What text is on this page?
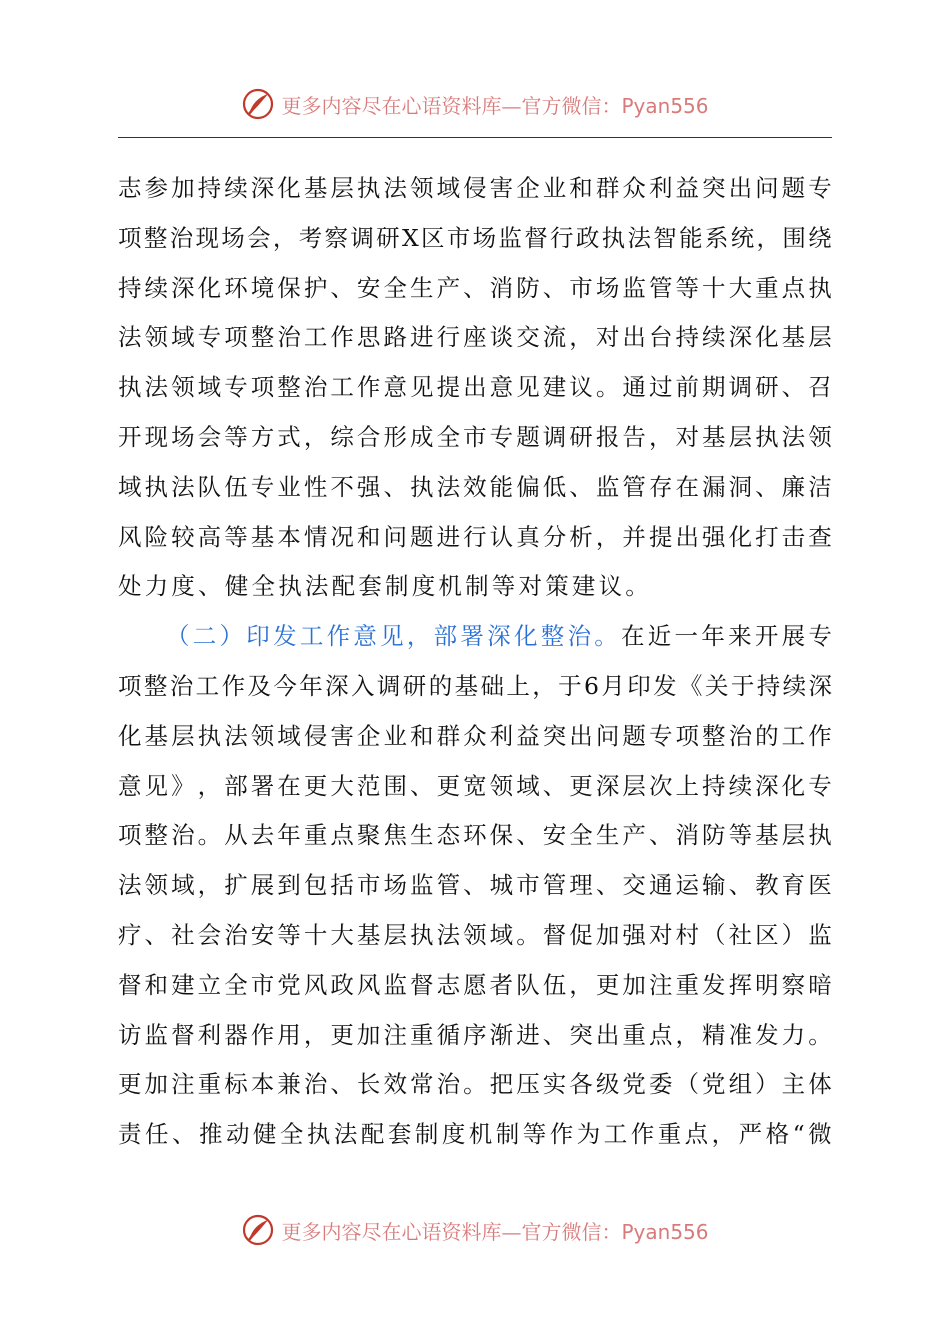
更多内容尽在心语资料库—官方微信：Pyan556
志 参 加 持 续 深 化 基 层 执 法 领 域 侵 害 企 业 和 群 众 利 益 突 出 问 题 专
项 整 治 现 场 会 ， 考 察 调 研 X 区 市 场 监 督 行 政 执 法 智 能 系 统 ， 围 绕
持 续 深 化 环 境 保 护 、 安 全 生 产 、 消 防 、 市 场 监 管 等 十 大 重 点 执
法 领 域 专 项 整 治 工 作 思 路 进 行 座 谈 交 流 ， 对 出 台 持 续 深 化 基 层
执 法 领 域 专 项 整 治 工 作 意 见 提 出 意 见 建 议 。 通 过 前 期 调 研 、 召
开 现 场 会 等 方 式 ， 综 合 形 成 全 市 专 题 调 研 报 告 ， 对 基 层 执 法 领
域 执 法 队 伍 专 业 性 不 强 、 执 法 效 能 偏 低 、 监 管 存 在 漏 洞 、 廉 洁
风 险 较 高 等 基 本 情 况 和 问 题 进 行 认 真 分 析 ， 并 提 出 强 化 打 击 查
处力度、健全执法配套制度机制等对策建议。
（ 二 ） 印 发 工 作 意 见 ， 部 署 深 化 整 治 。 在 近 一 年 来 开 展 专
项 整 治 工 作 及 今 年 深 入 调 研 的 基 础 上 ， 于 6 月 印 发 《 关 于 持 续 深
化 基 层 执 法 领 域 侵 害 企 业 和 群 众 利 益 突 出 问 题 专 项 整 治 的 工 作
意 见 》 ， 部 署 在 更 大 范 围 、 更 宽 领 域 、 更 深 层 次 上 持 续 深 化 专
项 整 治 。 从 去 年 重 点 聚 焦 生 态 环 保 、 安 全 生 产 、 消 防 等 基 层 执
法 领 域 ， 扩 展 到 包 括 市 场 监 管 、 城 市 管 理 、 交 通 运 输 、 教 育 医
疗 、 社 会 治 安 等 十 大 基 层 执 法 领 域 。 督 促 加 强 对 村 （ 社 区 ） 监
督 和 建 立 全 市 党 风 政 风 监 督 志 愿 者 队 伍 ， 更 加 注 重 发 挥 明 察 暗
访 监 督 利 器 作 用 ， 更 加 注 重 循 序 渐 进 、 突 出 重 点 ， 精 准 发 力 。
更 加 注 重 标 本 兼 治 、 长 效 常 治 。 把 压 实 各 级 党 委 （ 党 组 ） 主 体
责 任 、 推 动 健 全 执 法 配 套 制 度 机 制 等 作 为 工 作 重 点 ， 严 格 “ 微
更多内容尽在心语资料库—官方微信：Pyan556
